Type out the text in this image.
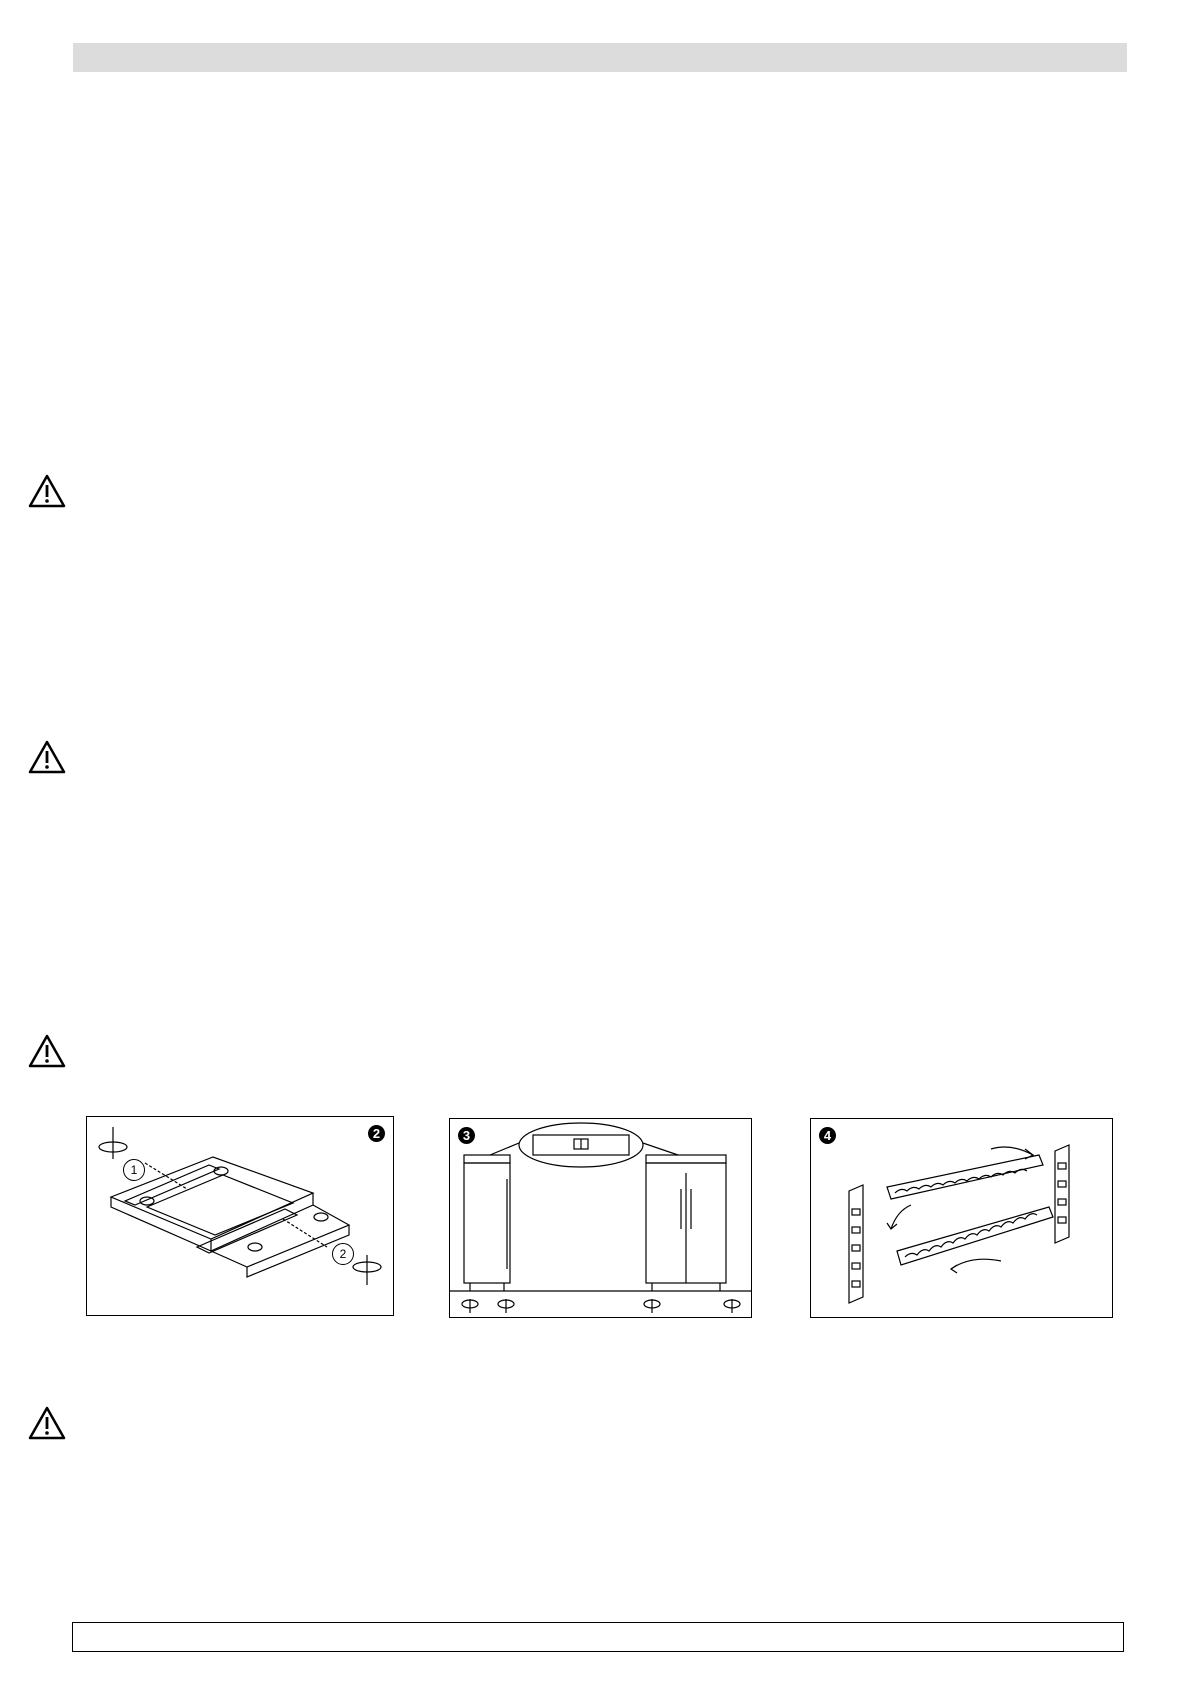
2
1
2
3	4
